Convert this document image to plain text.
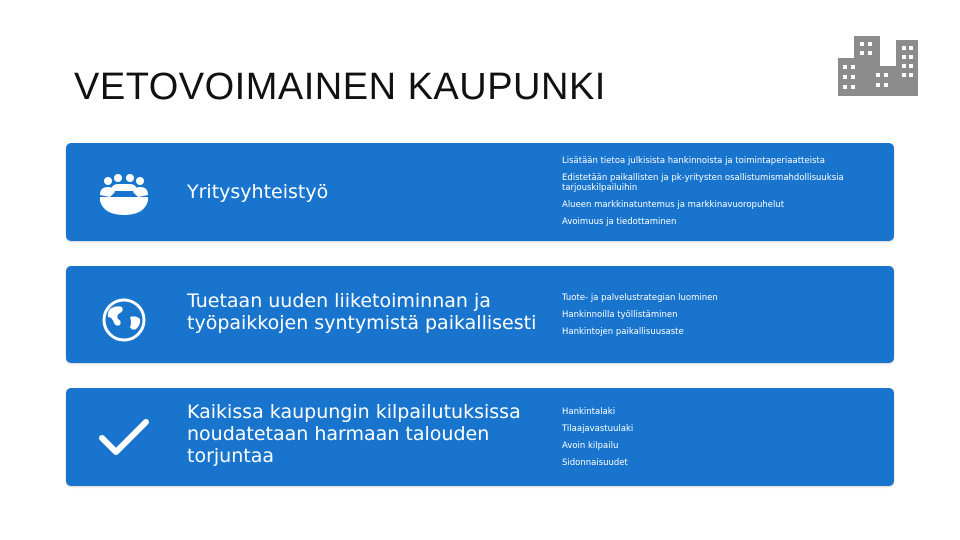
VETOVOIMAINEN KAUPUNKI
Yritysyhteistyö
Lisätään tietoa julkisista hankinnoista ja toimintaperiaatteista
Edistetään paikallisten ja pk-yritysten osallistumismahdollisuuksia tarjouskilpailuihin
Alueen markkinatuntemus ja markkinavuoropuhelut
Avoimuus ja tiedottaminen
Tuetaan uuden liiketoiminnan ja työpaikkojen syntymistä paikallisesti
Tuote- ja palvelustrategian luominen
Hankinnoilla työllistäminen
Hankintojen paikallisuusaste
Kaikissa kaupungin kilpailutuksissa noudatetaan harmaan talouden torjuntaa
Hankintalaki
Tilaajavastuulaki
Avoin kilpailu
Sidonnaisuudet
